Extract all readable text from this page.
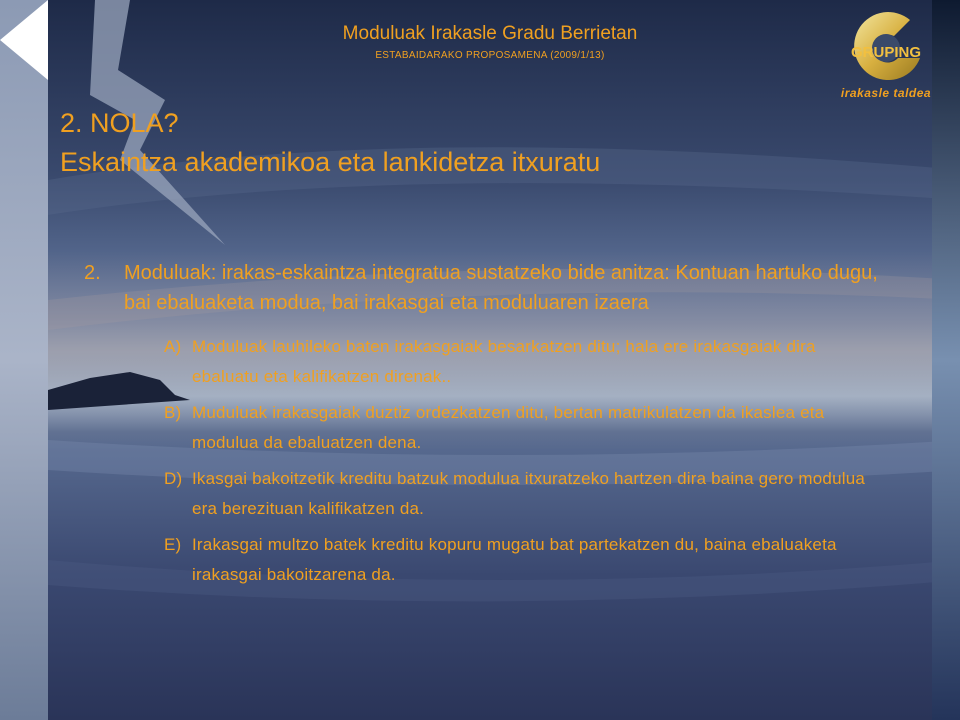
Moduluak Irakasle Gradu Berrietan
ESTABAIDARAKO PROPOSAMENA (2009/1/13)	GRUPING
irakasle taldea
2. NOLA?
Eskaintza akademikoa eta lankidetza itxuratu
2. Moduluak: irakas-eskaintza integratua sustatzeko bide anitza: Kontuan hartuko dugu, bai ebaluaketa modua, bai irakasgai eta moduluaren izaera
A) Moduluak lauhileko baten irakasgaiak besarkatzen ditu; hala ere irakasgaiak dira ebaluatu eta kalifikatzen direnak..
B) Muduluak irakasgaiak duztiz ordezkatzen ditu, bertan matrikulatzen da ikaslea eta modulua da ebaluatzen dena.
D) Ikasgai bakoitzetik kreditu batzuk modulua itxuratzeko hartzen dira baina gero modulua era berezituan kalifikatzen da.
E) Irakasgai multzo batek kreditu kopuru mugatu bat partekatzen du, baina ebaluaketa irakasgai bakoitzarena da.
